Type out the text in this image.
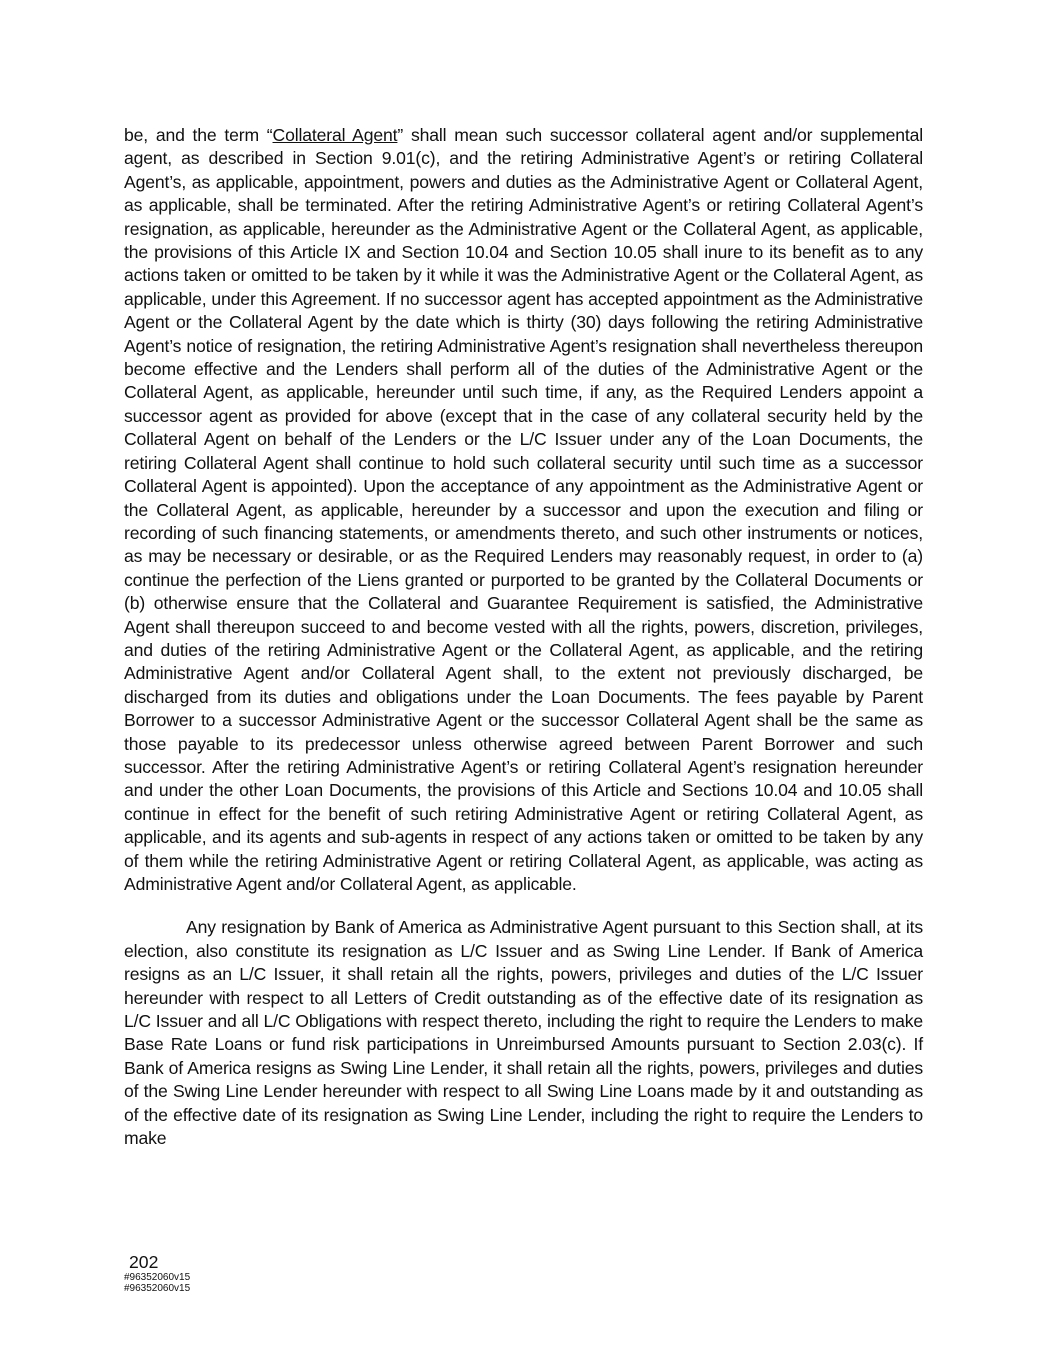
be, and the term “Collateral Agent” shall mean such successor collateral agent and/or supplemental agent, as described in Section 9.01(c), and the retiring Administrative Agent’s or retiring Collateral Agent’s, as applicable, appointment, powers and duties as the Administrative Agent or Collateral Agent, as applicable, shall be terminated. After the retiring Administrative Agent’s or retiring Collateral Agent’s resignation, as applicable, hereunder as the Administrative Agent or the Collateral Agent, as applicable, the provisions of this Article IX and Section 10.04 and Section 10.05 shall inure to its benefit as to any actions taken or omitted to be taken by it while it was the Administrative Agent or the Collateral Agent, as applicable, under this Agreement. If no successor agent has accepted appointment as the Administrative Agent or the Collateral Agent by the date which is thirty (30) days following the retiring Administrative Agent’s notice of resignation, the retiring Administrative Agent’s resignation shall nevertheless thereupon become effective and the Lenders shall perform all of the duties of the Administrative Agent or the Collateral Agent, as applicable, hereunder until such time, if any, as the Required Lenders appoint a successor agent as provided for above (except that in the case of any collateral security held by the Collateral Agent on behalf of the Lenders or the L/C Issuer under any of the Loan Documents, the retiring Collateral Agent shall continue to hold such collateral security until such time as a successor Collateral Agent is appointed). Upon the acceptance of any appointment as the Administrative Agent or the Collateral Agent, as applicable, hereunder by a successor and upon the execution and filing or recording of such financing statements, or amendments thereto, and such other instruments or notices, as may be necessary or desirable, or as the Required Lenders may reasonably request, in order to (a) continue the perfection of the Liens granted or purported to be granted by the Collateral Documents or (b) otherwise ensure that the Collateral and Guarantee Requirement is satisfied, the Administrative Agent shall thereupon succeed to and become vested with all the rights, powers, discretion, privileges, and duties of the retiring Administrative Agent or the Collateral Agent, as applicable, and the retiring Administrative Agent and/or Collateral Agent shall, to the extent not previously discharged, be discharged from its duties and obligations under the Loan Documents. The fees payable by Parent Borrower to a successor Administrative Agent or the successor Collateral Agent shall be the same as those payable to its predecessor unless otherwise agreed between Parent Borrower and such successor. After the retiring Administrative Agent’s or retiring Collateral Agent’s resignation hereunder and under the other Loan Documents, the provisions of this Article and Sections 10.04 and 10.05 shall continue in effect for the benefit of such retiring Administrative Agent or retiring Collateral Agent, as applicable, and its agents and sub-agents in respect of any actions taken or omitted to be taken by any of them while the retiring Administrative Agent or retiring Collateral Agent, as applicable, was acting as Administrative Agent and/or Collateral Agent, as applicable.

Any resignation by Bank of America as Administrative Agent pursuant to this Section shall, at its election, also constitute its resignation as L/C Issuer and as Swing Line Lender. If Bank of America resigns as an L/C Issuer, it shall retain all the rights, powers, privileges and duties of the L/C Issuer hereunder with respect to all Letters of Credit outstanding as of the effective date of its resignation as L/C Issuer and all L/C Obligations with respect thereto, including the right to require the Lenders to make Base Rate Loans or fund risk participations in Unreimbursed Amounts pursuant to Section 2.03(c). If Bank of America resigns as Swing Line Lender, it shall retain all the rights, powers, privileges and duties of the Swing Line Lender hereunder with respect to all Swing Line Loans made by it and outstanding as of the effective date of its resignation as Swing Line Lender, including the right to require the Lenders to make

202
#96352060v15
#96352060v15
